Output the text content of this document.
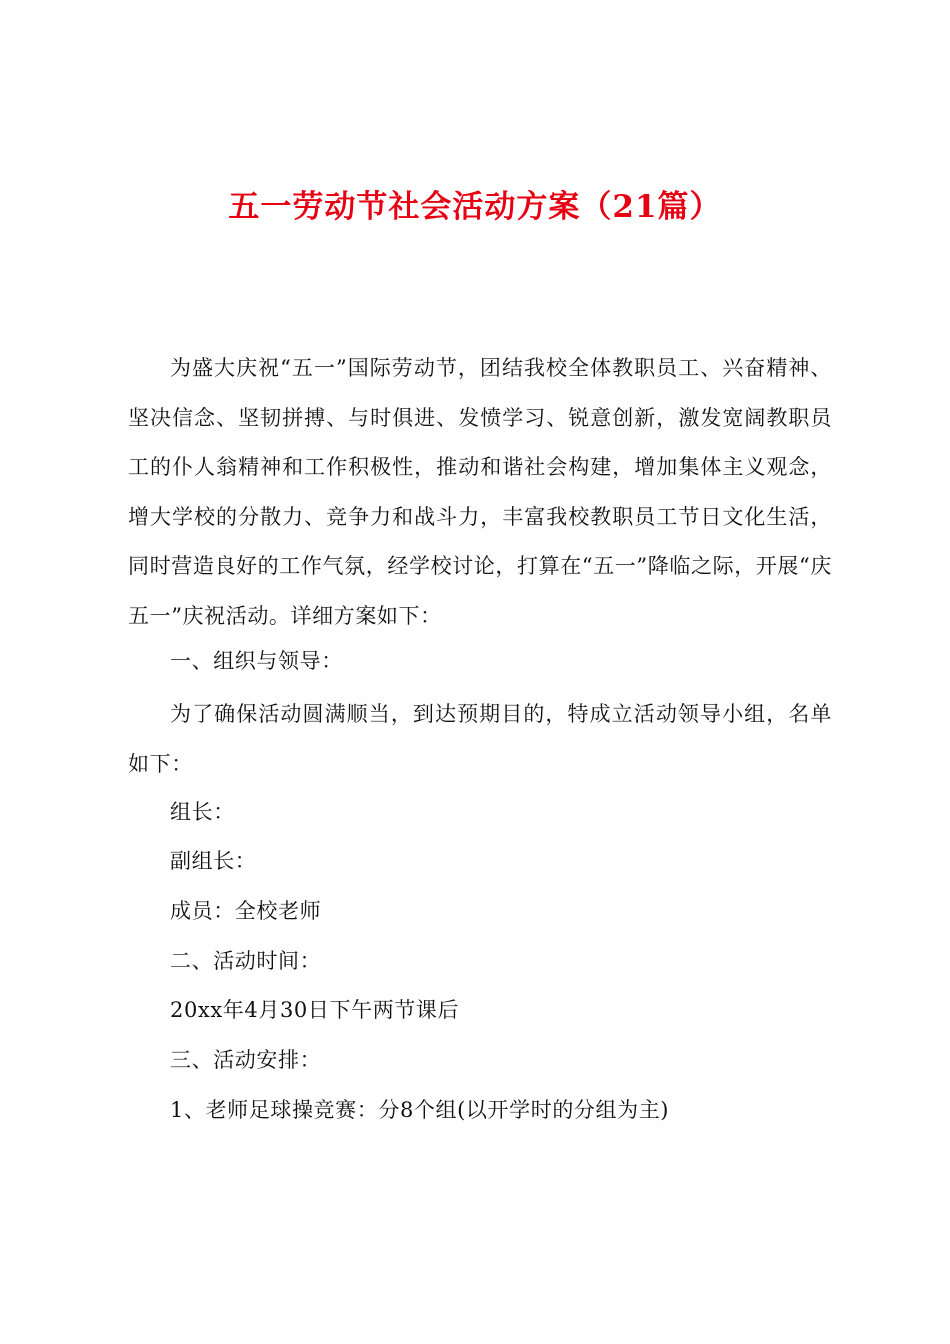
五一劳动节社会活动方案（21篇）

为盛大庆祝“五一”国际劳动节，团结我校全体教职员工、兴奋精神、坚决信念、坚韧拼搏、与时俱进、发愤学习、锐意创新，激发宽阔教职员工的仆人翁精神和工作积极性，推动和谐社会构建，增加集体主义观念，增大学校的分散力、竞争力和战斗力，丰富我校教职员工节日文化生活，同时营造良好的工作气氛，经学校讨论，打算在“五一”降临之际，开展“庆五一”庆祝活动。详细方案如下：

一、组织与领导：

为了确保活动圆满顺当，到达预期目的，特成立活动领导小组，名单如下：

组长：

副组长：

成员：全校老师

二、活动时间：

20xx年4月30日下午两节课后

三、活动安排：

1、老师足球操竞赛：分8个组(以开学时的分组为主)
